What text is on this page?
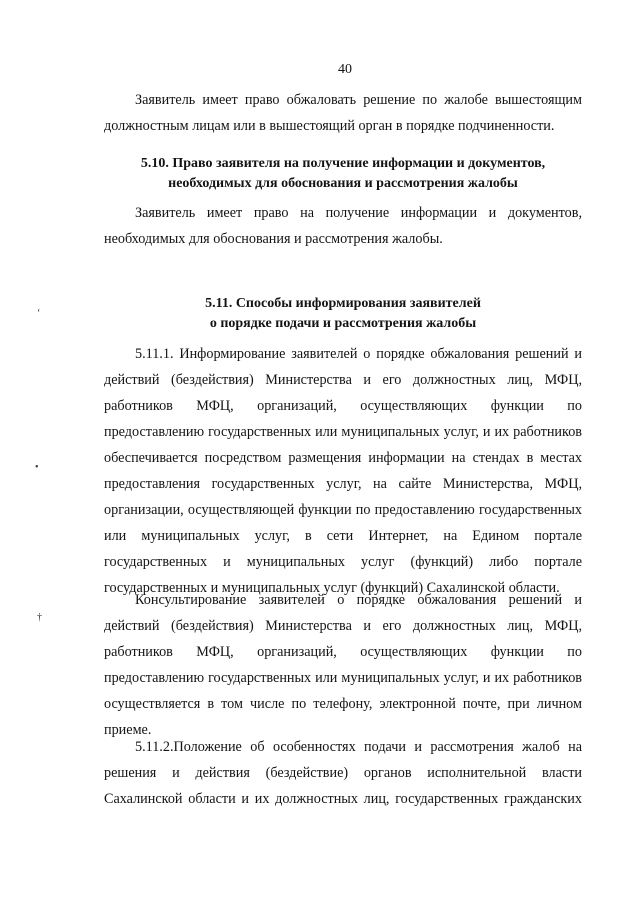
40
Заявитель имеет право обжаловать решение по жалобе вышестоящим
должностным лицам или в вышестоящий орган в порядке подчиненности.
5.10. Право заявителя на получение информации и документов,
необходимых для обоснования и рассмотрения жалобы
Заявитель имеет право на получение информации и документов,
необходимых для обоснования и рассмотрения жалобы.
5.11. Способы информирования заявителей
о порядке подачи и рассмотрения жалобы
5.11.1. Информирование заявителей о порядке обжалования решений и
действий (бездействия) Министерства и его должностных лиц, МФЦ,
работников МФЦ, организаций, осуществляющих функции по
предоставлению государственных или муниципальных услуг, и их работников
обеспечивается посредством размещения информации на стендах в местах
предоставления государственных услуг, на сайте Министерства, МФЦ,
организации, осуществляющей функции по предоставлению государственных
или муниципальных услуг, в сети Интернет, на Едином портале
государственных и муниципальных услуг (функций) либо портале
государственных и муниципальных услуг (функций) Сахалинской области.
Консультирование заявителей о порядке обжалования решений и
действий (бездействия) Министерства и его должностных лиц, МФЦ,
работников МФЦ, организаций, осуществляющих функции по
предоставлению государственных или муниципальных услуг, и их работников
осуществляется в том числе по телефону, электронной почте, при личном
приеме.
5.11.2.Положение об особенностях подачи и рассмотрения жалоб на
решения и действия (бездействие) органов исполнительной власти
Сахалинской области и их должностных лиц, государственных гражданских
‘
•
†
